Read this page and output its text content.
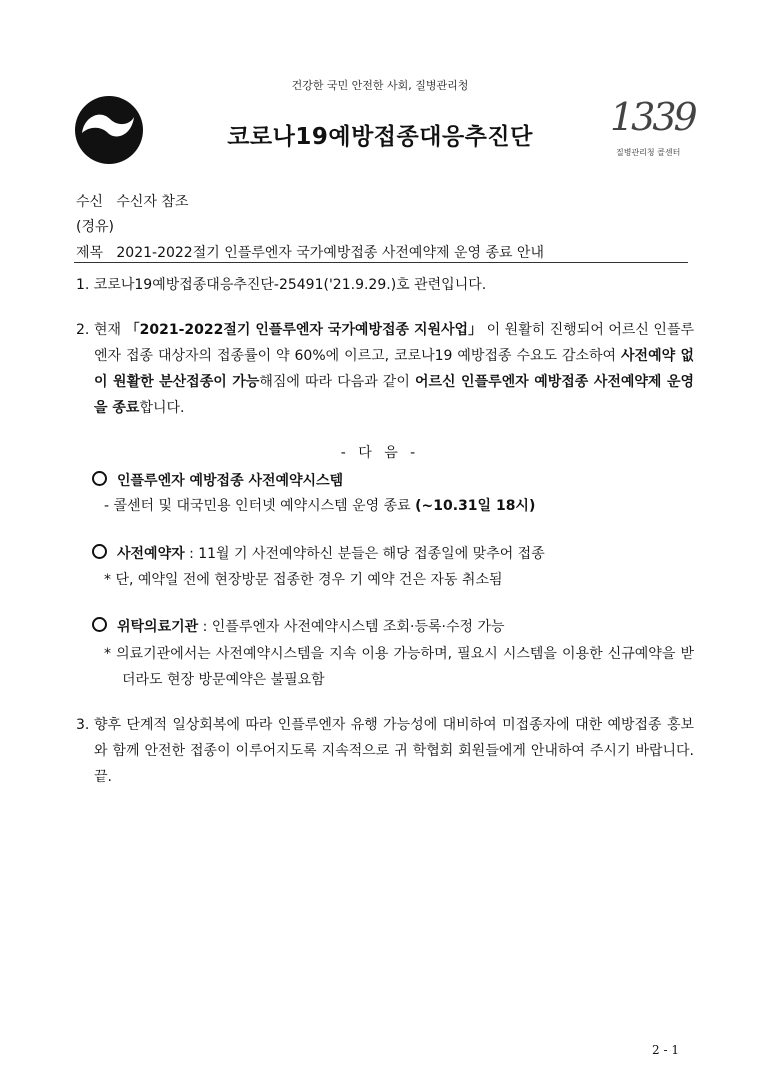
건강한 국민 안전한 사회, 질병관리청
코로나19예방접종대응추진단	1339
질병관리청 콜센터
수신   수신자 참조
(경유)
제목   2021-2022절기 인플루엔자 국가예방접종 사전예약제 운영 종료 안내
1. 코로나19예방접종대응추진단-25491('21.9.29.)호 관련입니다.
2. 현재 「2021-2022절기 인플루엔자 국가예방접종 지원사업」 이 원활히 진행되어 어르신 인플루엔자 접종 대상자의 접종률이 약 60%에 이르고, 코로나19 예방접종 수요도 감소하여 사전예약 없이 원활한 분산접종이 가능해짐에 따라 다음과 같이 어르신 인플루엔자 예방접종 사전예약제 운영을 종료합니다.
- 다 음 -
인플루엔자 예방접종 사전예약시스템
- 콜센터 및 대국민용 인터넷 예약시스템 운영 종료 (~10.31일 18시)
사전예약자 : 11월 기 사전예약하신 분들은 해당 접종일에 맞추어 접종
* 단, 예약일 전에 현장방문 접종한 경우 기 예약 건은 자동 취소됨
위탁의료기관 : 인플루엔자 사전예약시스템 조회·등록·수정 가능
* 의료기관에서는 사전예약시스템을 지속 이용 가능하며, 필요시 시스템을 이용한 신규예약을 받더라도 현장 방문예약은 불필요함
3. 향후 단계적 일상회복에 따라 인플루엔자 유행 가능성에 대비하여 미접종자에 대한 예방접종 홍보와 함께 안전한 접종이 이루어지도록 지속적으로 귀 학협회 회원들에게 안내하여 주시기 바랍니다.  끝.
2 - 1
